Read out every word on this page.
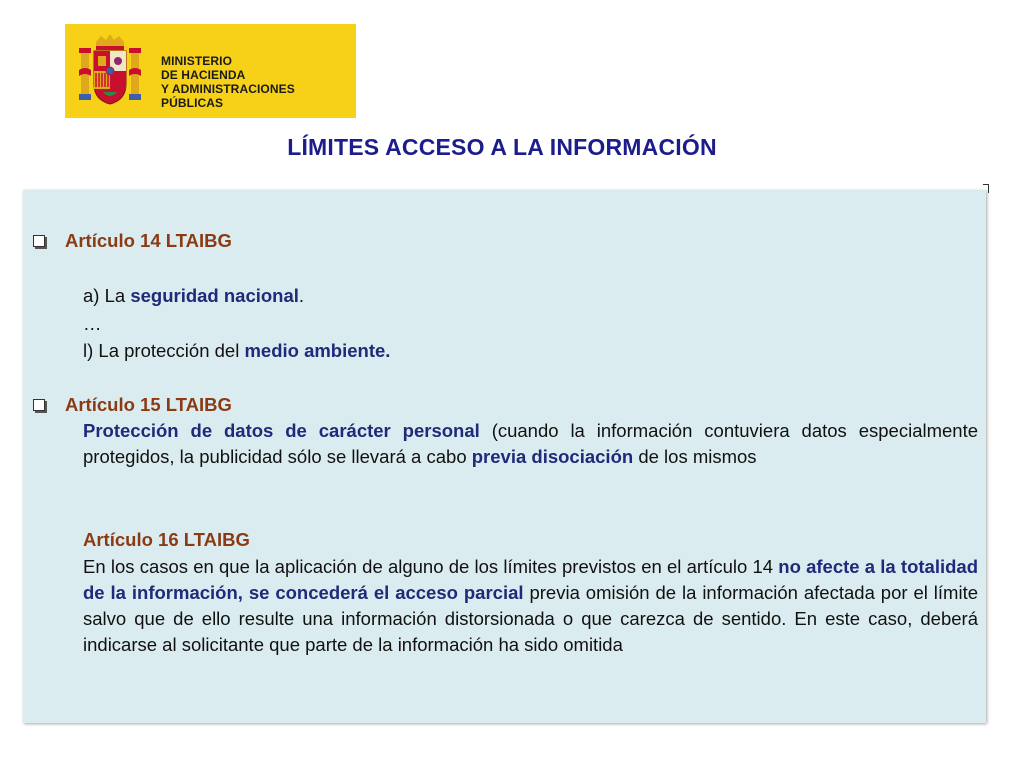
MINISTERIO
DE HACIENDA
Y ADMINISTRACIONES PÚBLICAS
LÍMITES ACCESO A LA INFORMACIÓN
Artículo 14 LTAIBG
a) La seguridad nacional.
…
l) La protección del medio ambiente.
Artículo 15 LTAIBG
Protección de datos de carácter personal (cuando la información contuviera datos especialmente protegidos, la publicidad sólo se llevará a cabo previa disociación de los mismos
Artículo 16 LTAIBG
En los casos en que la aplicación de alguno de los límites previstos en el artículo 14 no afecte a la totalidad de la información, se concederá el acceso parcial previa omisión de la información afectada por el límite salvo que de ello resulte una información distorsionada o que carezca de sentido. En este caso, deberá indicarse al solicitante que parte de la información ha sido omitida
